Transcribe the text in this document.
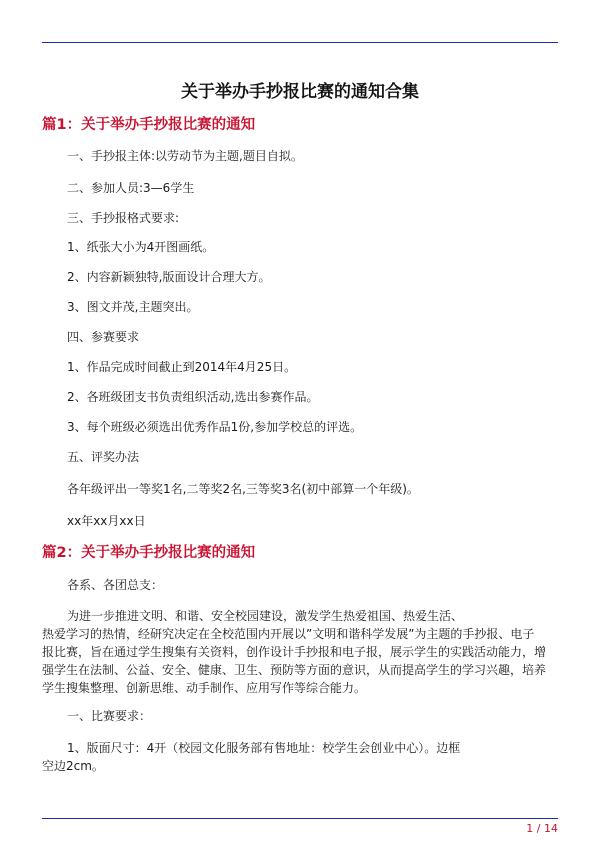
关于举办手抄报比赛的通知合集
篇1：关于举办手抄报比赛的通知
一、手抄报主体:以劳动节为主题,题目自拟。
二、参加人员:3—6学生
三、手抄报格式要求:
1、纸张大小为4开图画纸。
2、内容新颖独特,版面设计合理大方。
3、图文并茂,主题突出。
四、参赛要求
1、作品完成时间截止到2014年4月25日。
2、各班级团支书负责组织活动,选出参赛作品。
3、每个班级必须选出优秀作品1份,参加学校总的评选。
五、评奖办法
各年级评出一等奖1名,二等奖2名,三等奖3名(初中部算一个年级)。
xx年xx月xx日
篇2：关于举办手抄报比赛的通知
各系、各团总支：
为进一步推进文明、和谐、安全校园建设，激发学生热爱祖国、热爱生活、
热爱学习的热情，经研究决定在全校范围内开展以”文明和谐科学发展”为主题的手抄报、电子
报比赛，旨在通过学生搜集有关资料，创作设计手抄报和电子报，展示学生的实践活动能力，增
强学生在法制、公益、安全、健康、卫生、预防等方面的意识，从而提高学生的学习兴趣，培养
学生搜集整理、创新思维、动手制作、应用写作等综合能力。
一、比赛要求：
1、版面尺寸：4开（校园文化服务部有售地址：校学生会创业中心）。边框
空边2cm。
1 / 14
